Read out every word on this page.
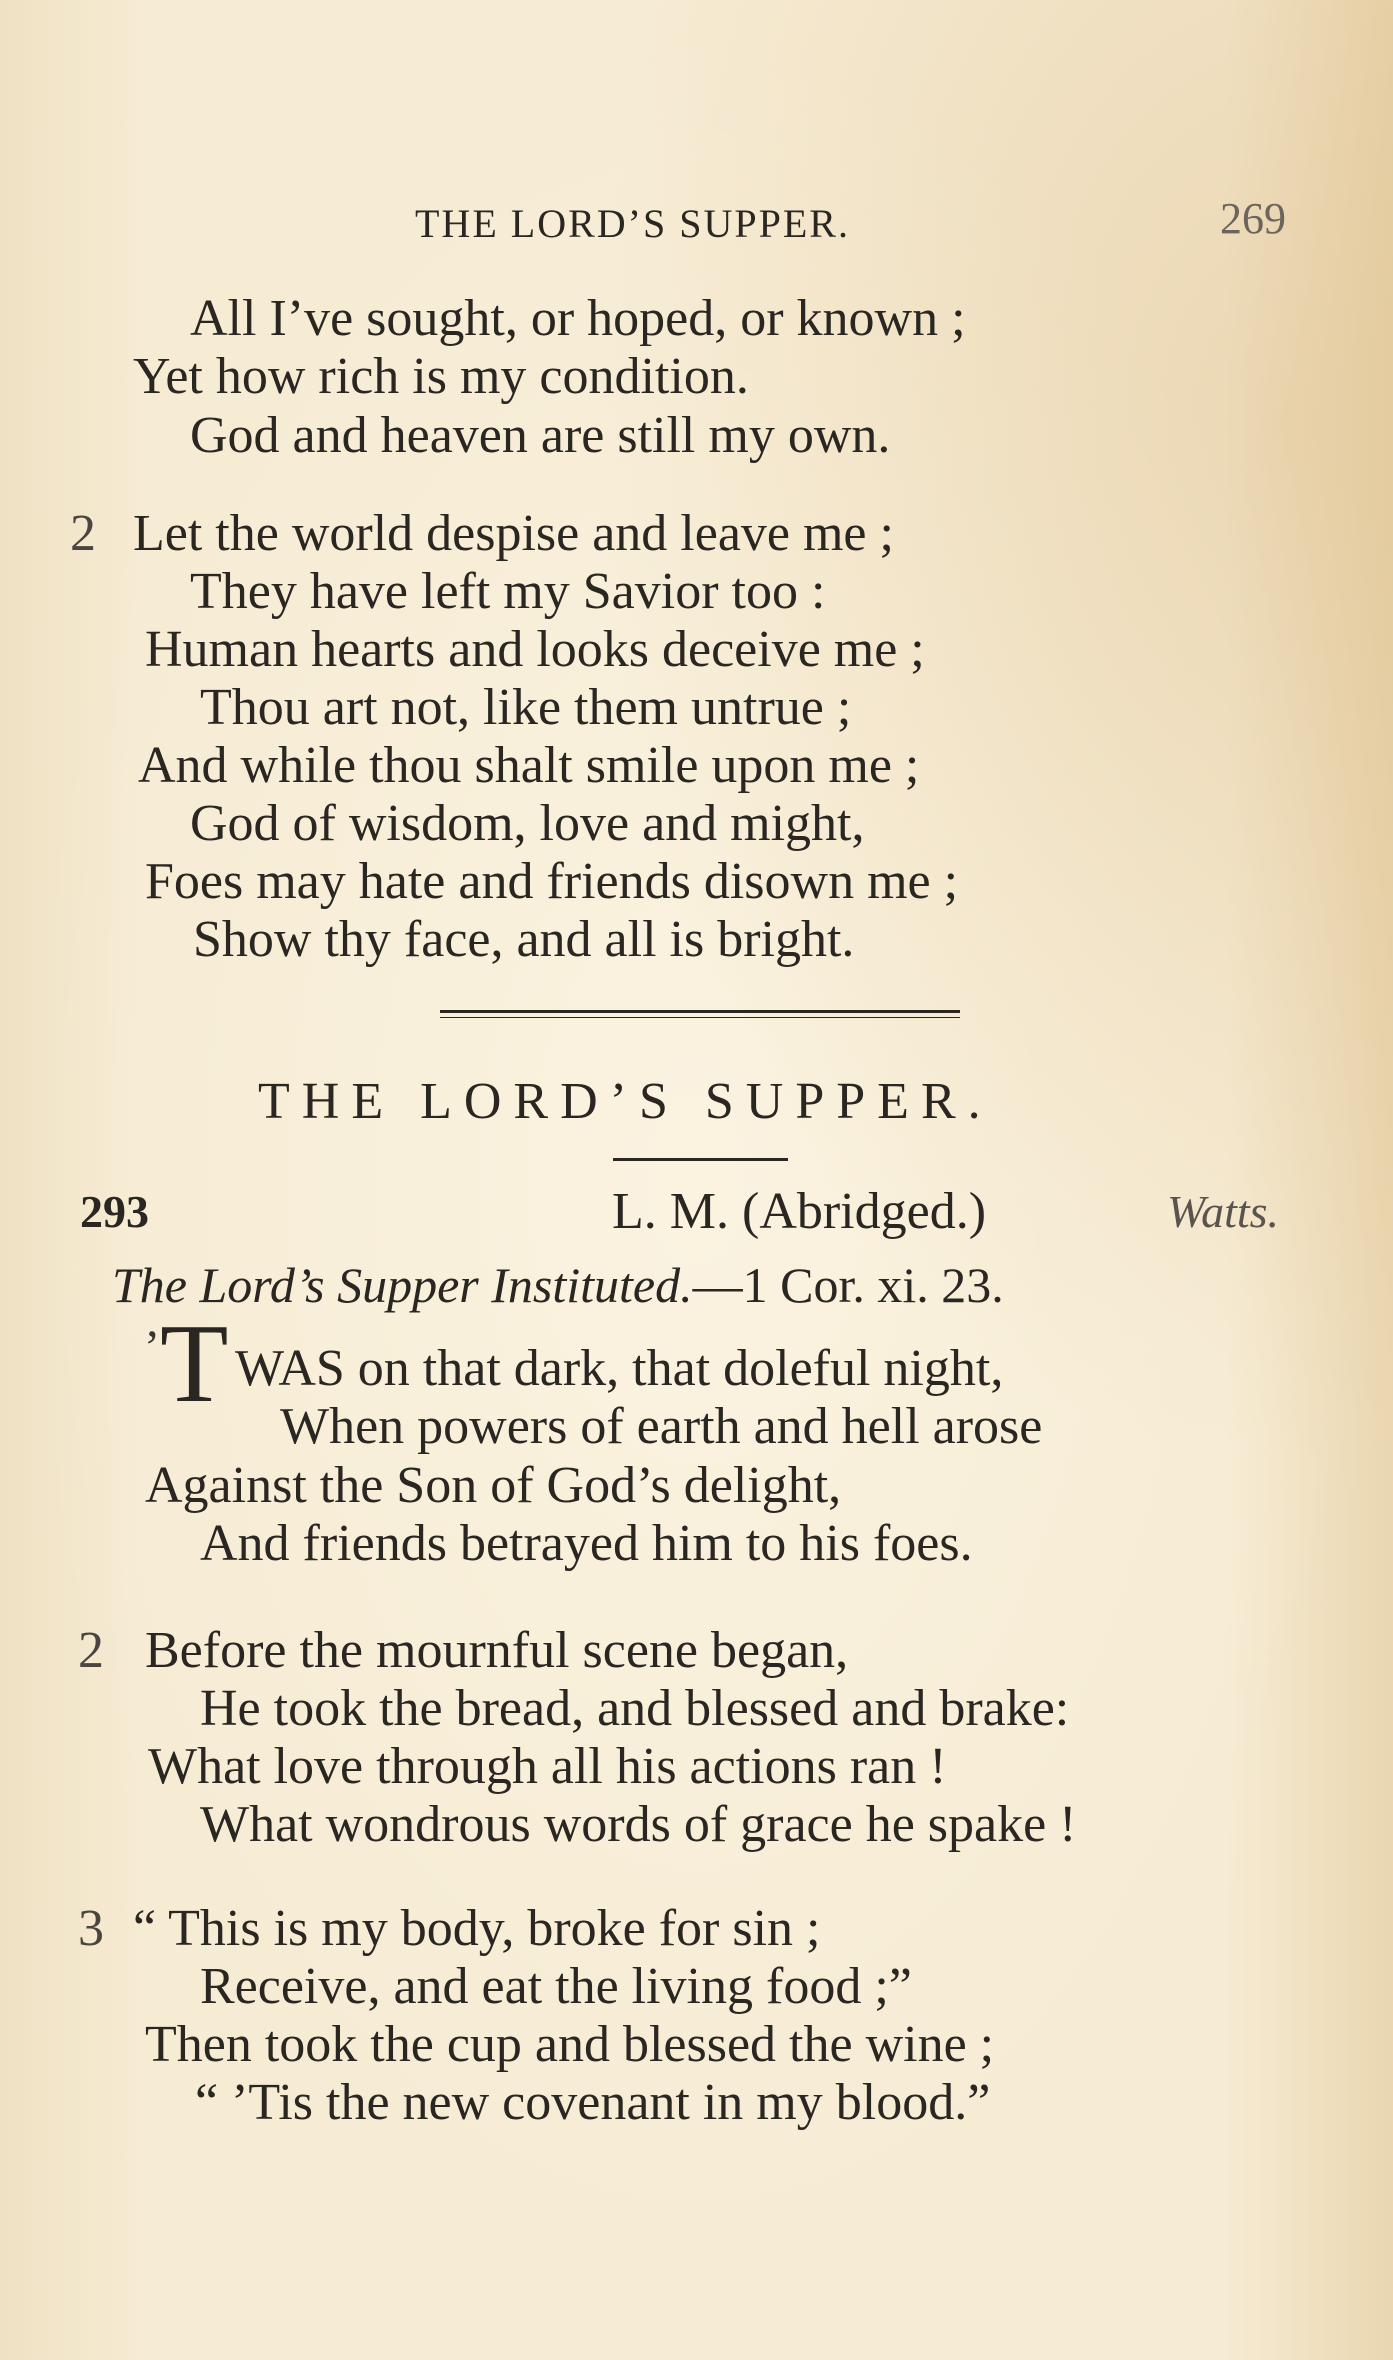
THE LORD’S SUPPER.	269
All I’ve sought, or hoped, or known ;
Yet how rich is my condition.
God and heaven are still my own.
2 Let the world despise and leave me ;
They have left my Savior too :
Human hearts and looks deceive me ;
Thou art not, like them untrue ;
And while thou shalt smile upon me ;
God of wisdom, love and might,
Foes may hate and friends disown me ;
Show thy face, and all is bright.
THE LORD’S SUPPER.
293	L. M. (Abridged.)	Watts.
The Lord’s Supper Instituted.—1 Cor. xi. 23.
’ T WAS on that dark, that doleful night,
When powers of earth and hell arose
Against the Son of God’s delight,
And friends betrayed him to his foes.
2 Before the mournful scene began,
He took the bread, and blessed and brake:
What love through all his actions ran !
What wondrous words of grace he spake !
3 “ This is my body, broke for sin ;
Receive, and eat the living food ;”
Then took the cup and blessed the wine ;
“ ’Tis the new covenant in my blood.”
